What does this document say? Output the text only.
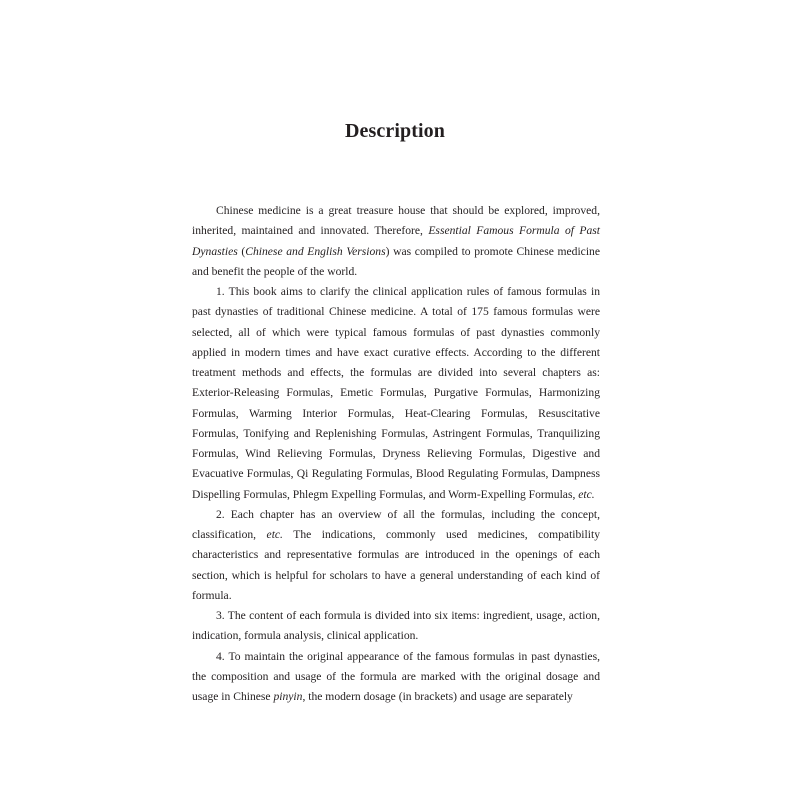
Description

Chinese medicine is a great treasure house that should be explored, improved, inherited, maintained and innovated. Therefore, Essential Famous Formula of Past Dynasties (Chinese and English Versions) was compiled to promote Chinese medicine and benefit the people of the world.

1. This book aims to clarify the clinical application rules of famous formulas in past dynasties of traditional Chinese medicine. A total of 175 famous formulas were selected, all of which were typical famous formulas of past dynasties commonly applied in modern times and have exact curative effects. According to the different treatment methods and effects, the formulas are divided into several chapters as: Exterior-Releasing Formulas, Emetic Formulas, Purgative Formulas, Harmonizing Formulas, Warming Interior Formulas, Heat-Clearing Formulas, Resuscitative Formulas, Tonifying and Replenishing Formulas, Astringent Formulas, Tranquilizing Formulas, Wind Relieving Formulas, Dryness Relieving Formulas, Digestive and Evacuative Formulas, Qi Regulating Formulas, Blood Regulating Formulas, Dampness Dispelling Formulas, Phlegm Expelling Formulas, and Worm-Expelling Formulas, etc.

2. Each chapter has an overview of all the formulas, including the concept, classification, etc. The indications, commonly used medicines, compatibility characteristics and representative formulas are introduced in the openings of each section, which is helpful for scholars to have a general understanding of each kind of formula.

3. The content of each formula is divided into six items: ingredient, usage, action, indication, formula analysis, clinical application.

4. To maintain the original appearance of the famous formulas in past dynasties, the composition and usage of the formula are marked with the original dosage and usage in Chinese pinyin, the modern dosage (in brackets) and usage are separately
